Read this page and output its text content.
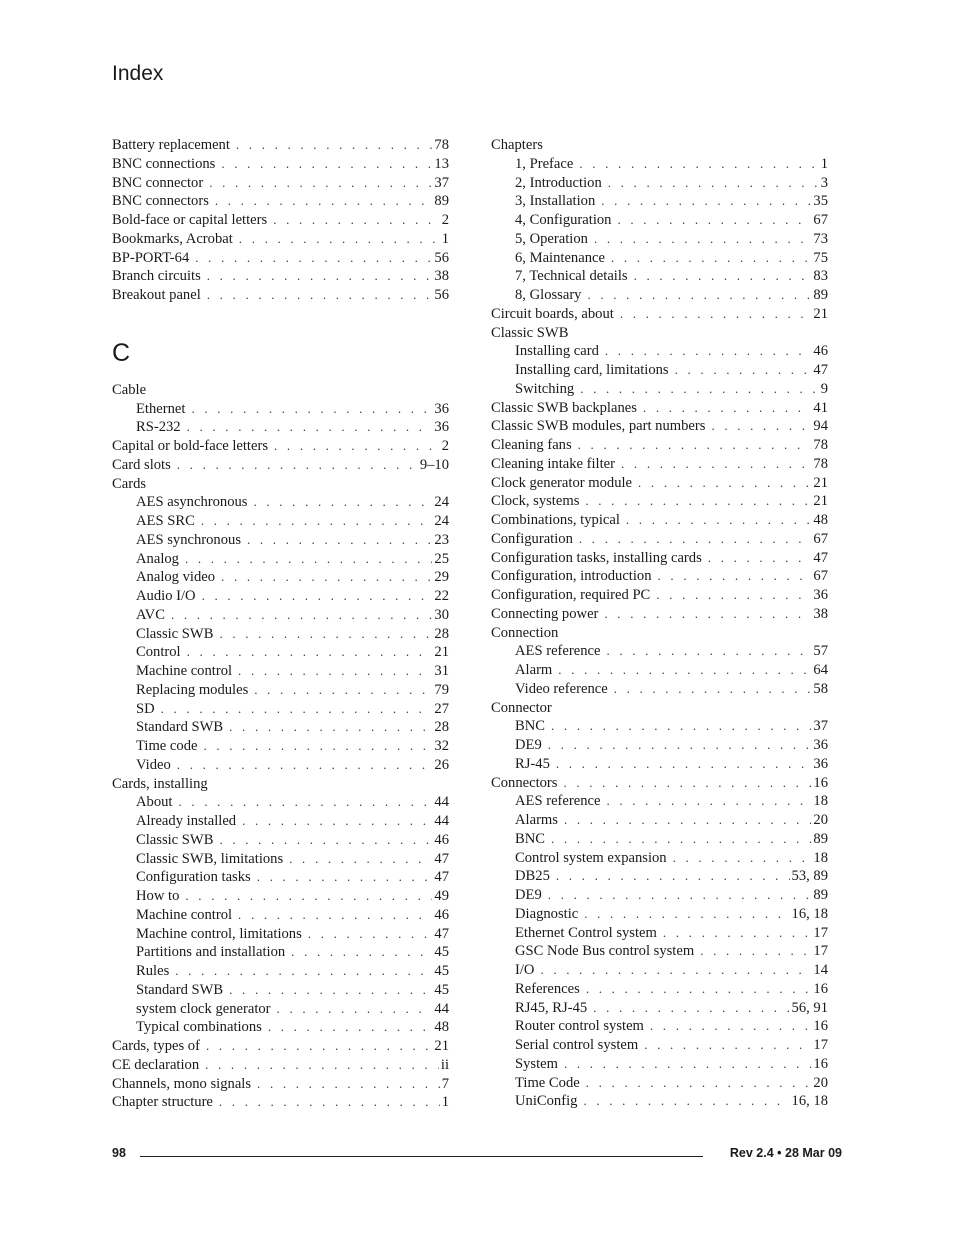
Index
Battery replacement . . .	78
BNC connections . . .	13
BNC connector . . .	37
BNC connectors . . .	89
Bold-face or capital letters . . .	2
Bookmarks, Acrobat . . .	1
BP-PORT-64 . . .	56
Branch circuits . . .	38
Breakout panel . . .	56
C
Cable
Ethernet . . .	36
RS-232 . . .	36
Capital or bold-face letters . . .	2
Card slots . . .	9–10
Cards
AES asynchronous . . .	24
AES SRC . . .	24
AES synchronous . . .	23
Analog . . .	25
Analog video . . .	29
Audio I/O . . .	22
AVC . . .	30
Classic SWB . . .	28
Control . . .	21
Machine control . . .	31
Replacing modules . . .	79
SD . . .	27
Standard SWB . . .	28
Time code . . .	32
Video . . .	26
Cards, installing
About . . .	44
Already installed . . .	44
Classic SWB . . .	46
Classic SWB, limitations . . .	47
Configuration tasks . . .	47
How to . . .	49
Machine control . . .	46
Machine control, limitations . . .	47
Partitions and installation . . .	45
Rules . . .	45
Standard SWB . . .	45
system clock generator . . .	44
Typical combinations . . .	48
Cards, types of . . .	21
CE declaration . . .	ii
Channels, mono signals . . .	7
Chapter structure . . .	1
Chapters
1, Preface . . .	1
2, Introduction . . .	3
3, Installation . . .	35
4, Configuration . . .	67
5, Operation . . .	73
6, Maintenance . . .	75
7, Technical details . . .	83
8, Glossary . . .	89
Circuit boards, about . . .	21
Classic SWB
Installing card . . .	46
Installing card, limitations . . .	47
Switching . . .	9
Classic SWB backplanes . . .	41
Classic SWB modules, part numbers . . .	94
Cleaning fans . . .	78
Cleaning intake filter . . .	78
Clock generator module . . .	21
Clock, systems . . .	21
Combinations, typical . . .	48
Configuration . . .	67
Configuration tasks, installing cards . . .	47
Configuration, introduction . . .	67
Configuration, required PC . . .	36
Connecting power . . .	38
Connection
AES reference . . .	57
Alarm . . .	64
Video reference . . .	58
Connector
BNC . . .	37
DE9 . . .	36
RJ-45 . . .	36
Connectors . . .	16
AES reference . . .	18
Alarms . . .	20
BNC . . .	89
Control system expansion . . .	18
DB25 . . .	53, 89
DE9 . . .	89
Diagnostic . . .	16, 18
Ethernet Control system . . .	17
GSC Node Bus control system . . .	17
I/O . . .	14
References . . .	16
RJ45, RJ-45 . . .	56, 91
Router control system . . .	16
Serial control system . . .	17
System . . .	16
Time Code . . .	20
UniConfig . . .	16, 18
98	Rev 2.4 • 28 Mar 09
